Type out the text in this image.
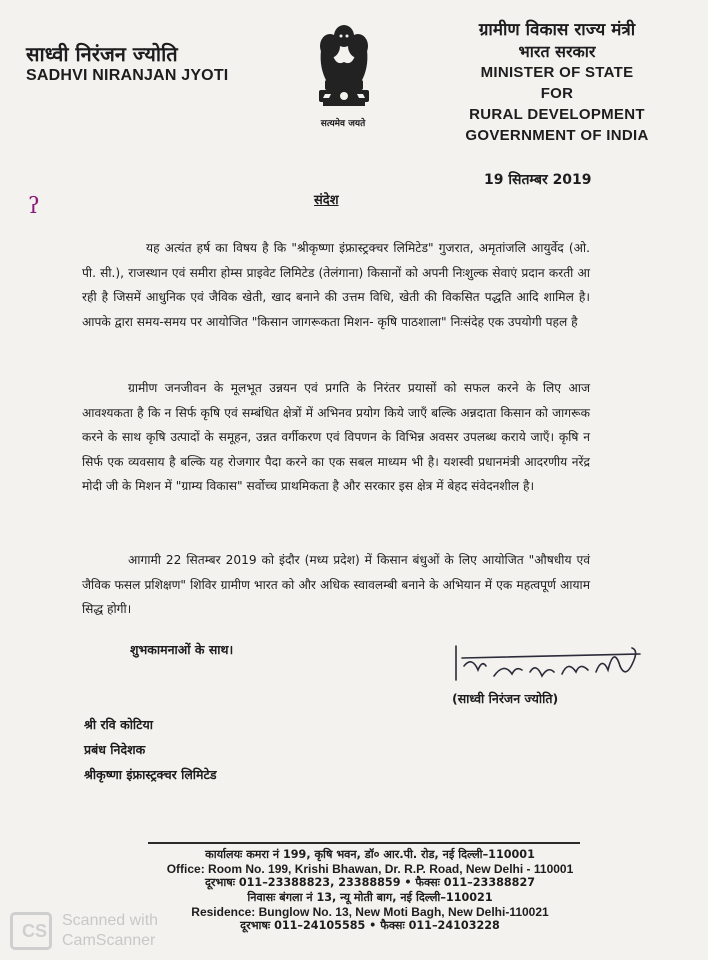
साध्वी निरंजन ज्योति
SADHVI NIRANJAN JYOTI
सत्यमेव जयते
ग्रामीण विकास राज्य मंत्री
भारत सरकार
MINISTER OF STATE
FOR
RURAL DEVELOPMENT
GOVERNMENT OF INDIA
19 सितम्बर 2019
ʔ	संदेश
यह अत्यंत हर्ष का विषय है कि "श्रीकृष्णा इंफ्रास्ट्रक्चर लिमिटेड" गुजरात, अमृतांजलि आयुर्वेद (ओ. पी. सी.), राजस्थान एवं समीरा होम्स प्राइवेट लिमिटेड (तेलंगाना) किसानों को अपनी निःशुल्क सेवाएं प्रदान करती आ रही है जिसमें आधुनिक एवं जैविक खेती, खाद बनाने की उत्तम विधि, खेती की विकसित पद्धति आदि शामिल है। आपके द्वारा समय-समय पर आयोजित "किसान जागरूकता मिशन- कृषि पाठशाला" निःसंदेह एक उपयोगी पहल है
ग्रामीण जनजीवन के मूलभूत उन्नयन एवं प्रगति के निरंतर प्रयासों को सफल करने के लिए आज आवश्यकता है कि न सिर्फ कृषि एवं सम्बंधित क्षेत्रों में अभिनव प्रयोग किये जाएँ बल्कि अन्नदाता किसान को जागरूक करने के साथ कृषि उत्पादों के समूहन, उन्नत वर्गीकरण एवं विपणन के विभिन्न अवसर उपलब्ध कराये जाएँ। कृषि न सिर्फ एक व्यवसाय है बल्कि यह रोजगार पैदा करने का एक सबल माध्यम भी है। यशस्वी प्रधानमंत्री आदरणीय नरेंद्र मोदी जी के मिशन में "ग्राम्य विकास" सर्वोच्च प्राथमिकता है और सरकार इस क्षेत्र में बेहद संवेदनशील है।
आगामी 22 सितम्बर 2019 को इंदौर (मध्य प्रदेश) में किसान बंधुओं के लिए आयोजित "औषधीय एवं जैविक फसल प्रशिक्षण" शिविर ग्रामीण भारत को और अधिक स्वावलम्बी बनाने के अभियान में एक महत्वपूर्ण आयाम सिद्ध होगी।
शुभकामनाओं के साथ।
(साध्वी निरंजन ज्योति)
श्री रवि कोटिया
प्रबंध निदेशक
श्रीकृष्णा इंफ्रास्ट्रक्चर लिमिटेड
कार्यालयः कमरा नं 199, कृषि भवन, डॉ० आर.पी. रोड, नई दिल्ली–110001
Office: Room No. 199, Krishi Bhawan, Dr. R.P. Road, New Delhi - 110001
दूरभाषः 011–23388823, 23388859 • फैक्सः 011–23388827
निवासः बंगला नं 13, न्यू मोती बाग, नई दिल्ली–110021
Residence: Bunglow No. 13, New Moti Bagh, New Delhi-110021
दूरभाषः 011–24105585 • फैक्सः 011–24103228
CS
Scanned with
CamScanner
